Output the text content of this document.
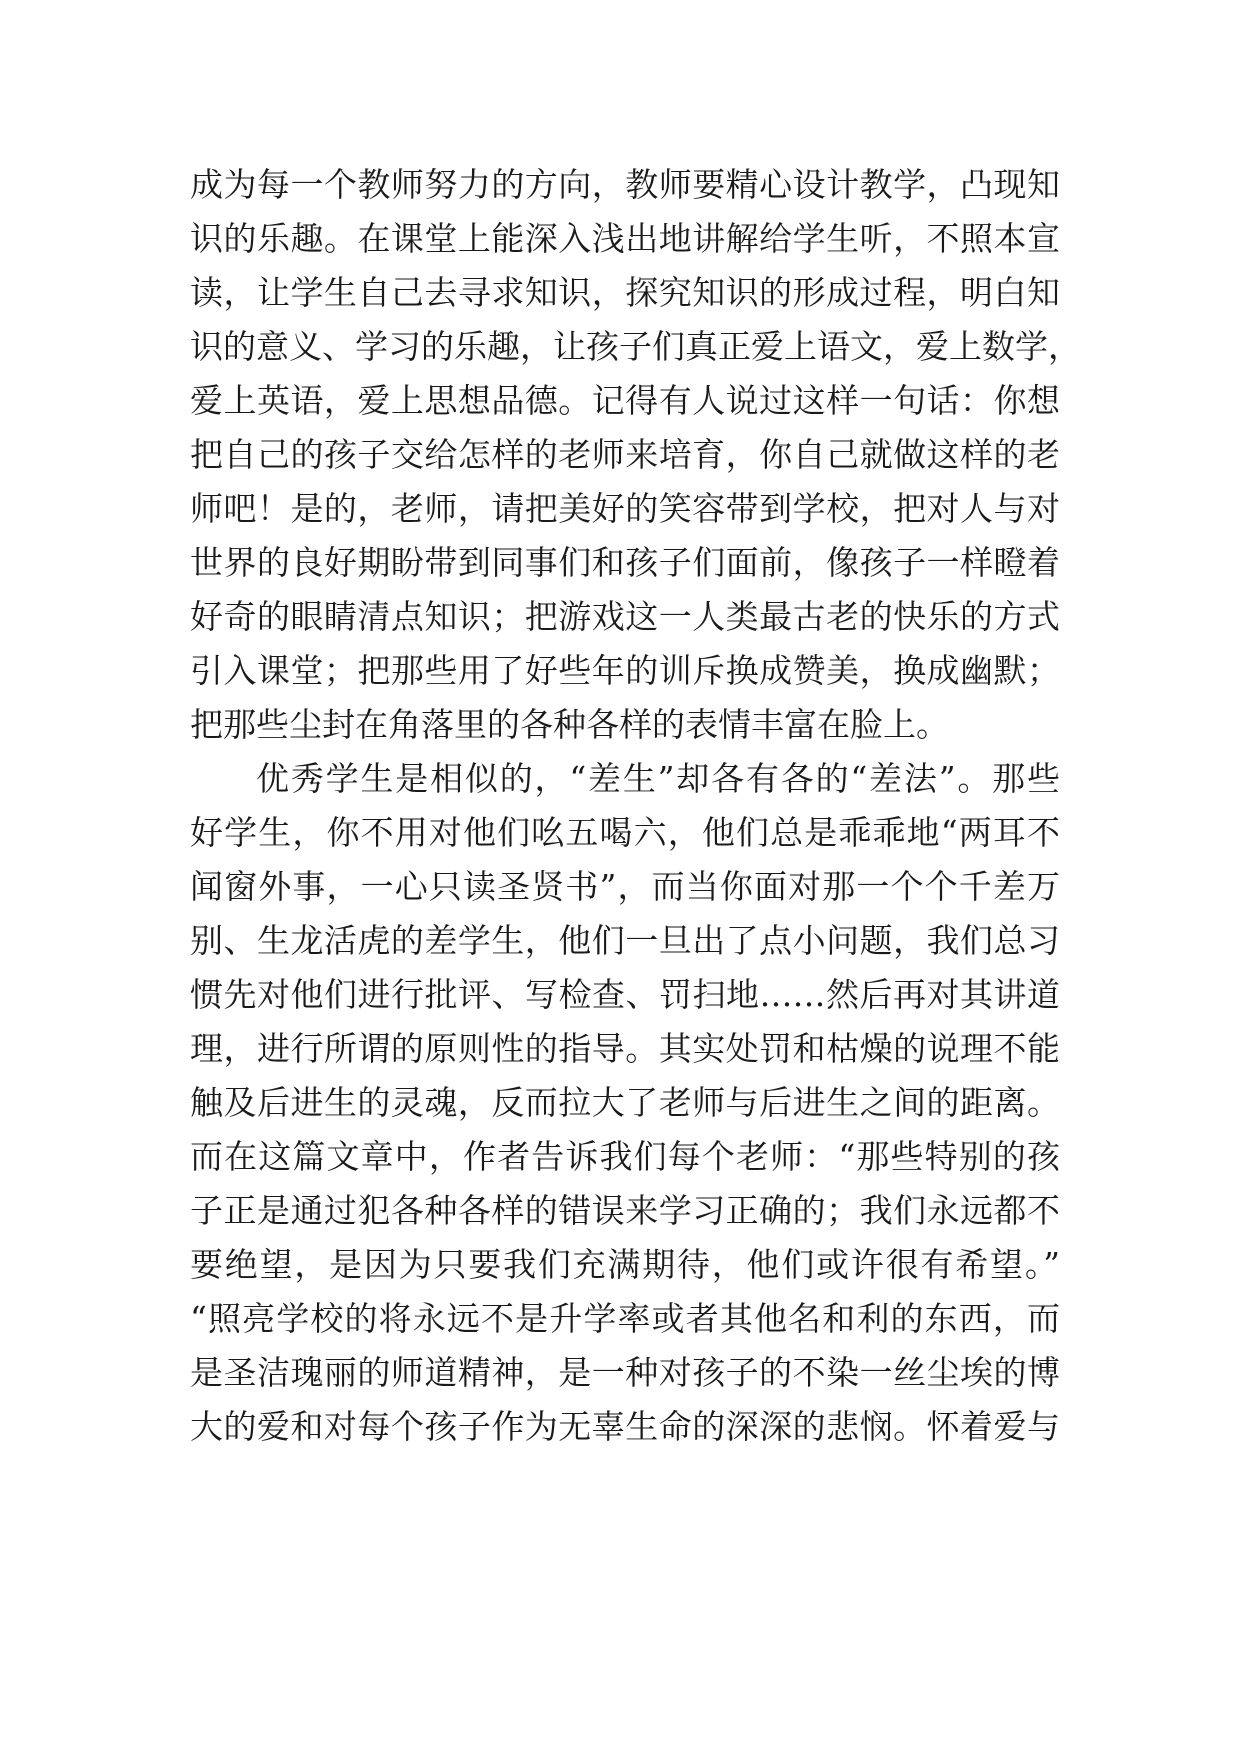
成为每一个教师努力的方向，教师要精心设计教学，凸现知
识的乐趣。在课堂上能深入浅出地讲解给学生听，不照本宣
读，让学生自己去寻求知识，探究知识的形成过程，明白知
识的意义、学习的乐趣，让孩子们真正爱上语文，爱上数学，
爱上英语，爱上思想品德。记得有人说过这样一句话：你想
把自己的孩子交给怎样的老师来培育，你自己就做这样的老
师吧！是的，老师，请把美好的笑容带到学校，把对人与对
世界的良好期盼带到同事们和孩子们面前，像孩子一样瞪着
好奇的眼睛清点知识；把游戏这一人类最古老的快乐的方式
引入课堂；把那些用了好些年的训斥换成赞美，换成幽默；
把那些尘封在角落里的各种各样的表情丰富在脸上。
优秀学生是相似的，“差生”却各有各的“差法”。那些
好学生，你不用对他们吆五喝六，他们总是乖乖地“两耳不
闻窗外事，一心只读圣贤书”，而当你面对那一个个千差万
别、生龙活虎的差学生，他们一旦出了点小问题，我们总习
惯先对他们进行批评、写检查、罚扫地……然后再对其讲道
理，进行所谓的原则性的指导。其实处罚和枯燥的说理不能
触及后进生的灵魂，反而拉大了老师与后进生之间的距离。
而在这篇文章中，作者告诉我们每个老师：“那些特别的孩
子正是通过犯各种各样的错误来学习正确的；我们永远都不
要绝望，是因为只要我们充满期待，他们或许很有希望。”
“照亮学校的将永远不是升学率或者其他名和利的东西，而
是圣洁瑰丽的师道精神，是一种对孩子的不染一丝尘埃的博
大的爱和对每个孩子作为无辜生命的深深的悲悯。怀着爱与
